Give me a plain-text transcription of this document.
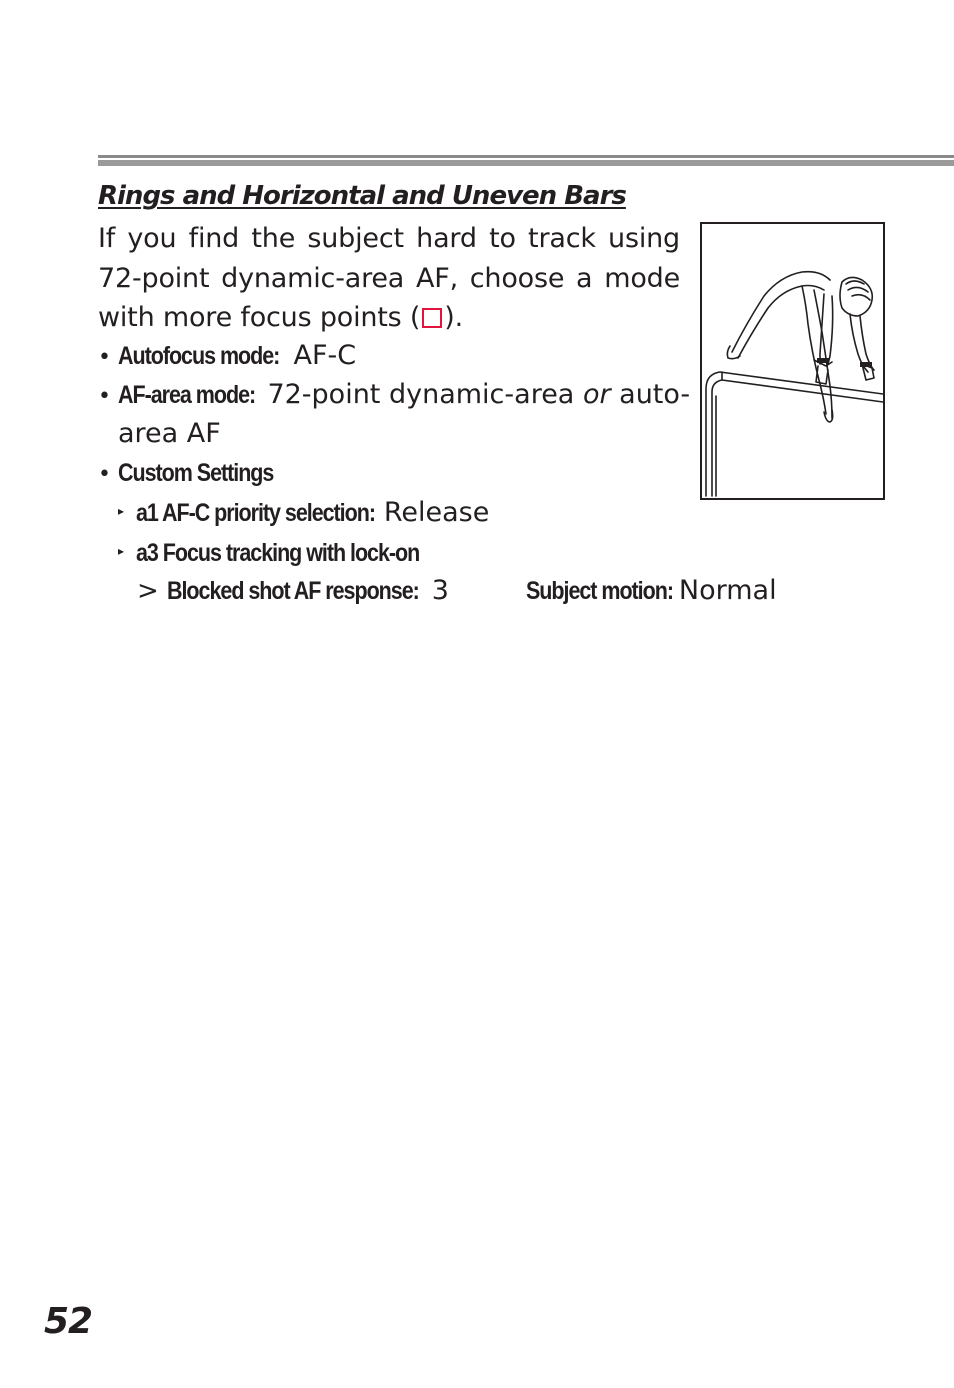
Rings and Horizontal and Uneven Bars

If you find the subject hard to track using 72-point dynamic-area AF, choose a mode with more focus points ( ).

• Autofocus mode: AF-C
• AF-area mode: 72-point dynamic-area or auto-
area AF
• Custom Settings
▸ a1 AF-C priority selection: Release
▸ a3 Focus tracking with lock-on
> Blocked shot AF response: 3	Subject motion: Normal

52
